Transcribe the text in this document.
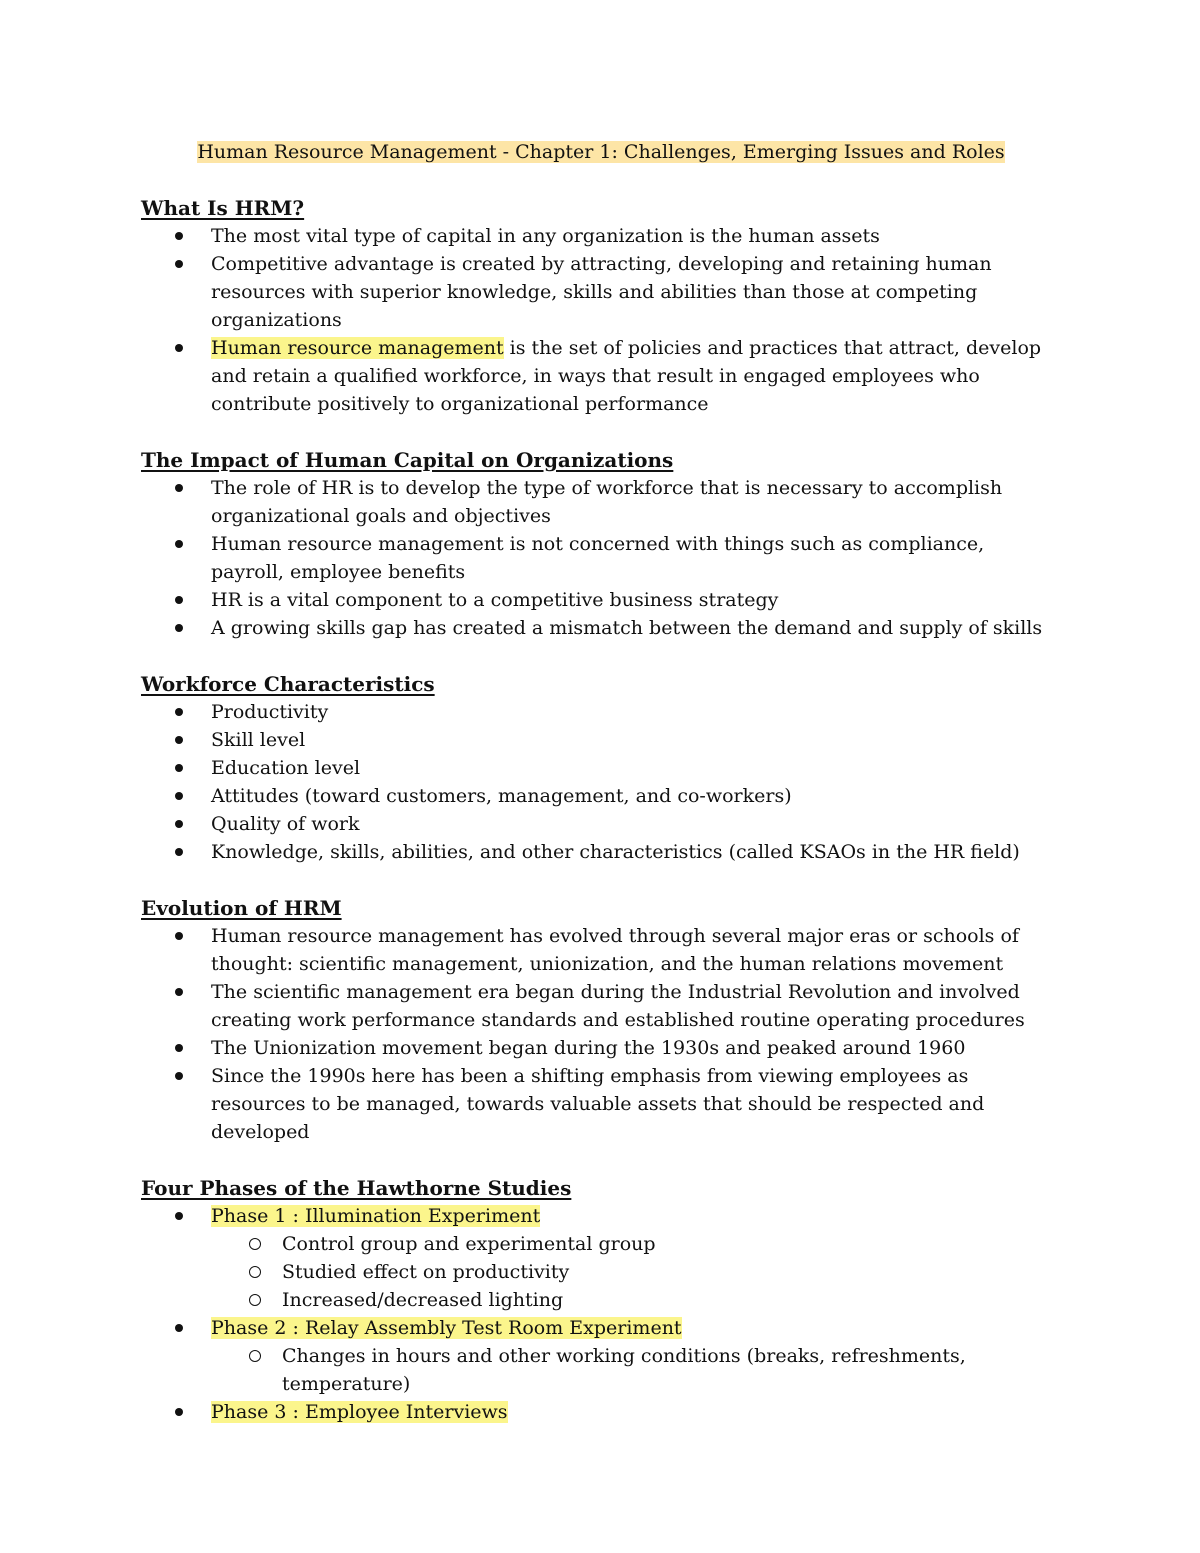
Human Resource Management - Chapter 1: Challenges, Emerging Issues and Roles
What Is HRM?
The most vital type of capital in any organization is the human assets
Competitive advantage is created by attracting, developing and retaining human resources with superior knowledge, skills and abilities than those at competing organizations
Human resource management is the set of policies and practices that attract, develop and retain a qualified workforce, in ways that result in engaged employees who contribute positively to organizational performance
The Impact of Human Capital on Organizations
The role of HR is to develop the type of workforce that is necessary to accomplish organizational goals and objectives
Human resource management is not concerned with things such as compliance, payroll, employee benefits
HR is a vital component to a competitive business strategy
A growing skills gap has created a mismatch between the demand and supply of skills
Workforce Characteristics
Productivity
Skill level
Education level
Attitudes (toward customers, management, and co-workers)
Quality of work
Knowledge, skills, abilities, and other characteristics (called KSAOs in the HR field)
Evolution of HRM
Human resource management has evolved through several major eras or schools of thought: scientific management, unionization, and the human relations movement
The scientific management era began during the Industrial Revolution and involved creating work performance standards and established routine operating procedures
The Unionization movement began during the 1930s and peaked around 1960
Since the 1990s here has been a shifting emphasis from viewing employees as resources to be managed, towards valuable assets that should be respected and developed
Four Phases of the Hawthorne Studies
Phase 1 : Illumination Experiment
Control group and experimental group
Studied effect on productivity
Increased/decreased lighting
Phase 2 : Relay Assembly Test Room Experiment
Changes in hours and other working conditions (breaks, refreshments, temperature)
Phase 3 : Employee Interviews
